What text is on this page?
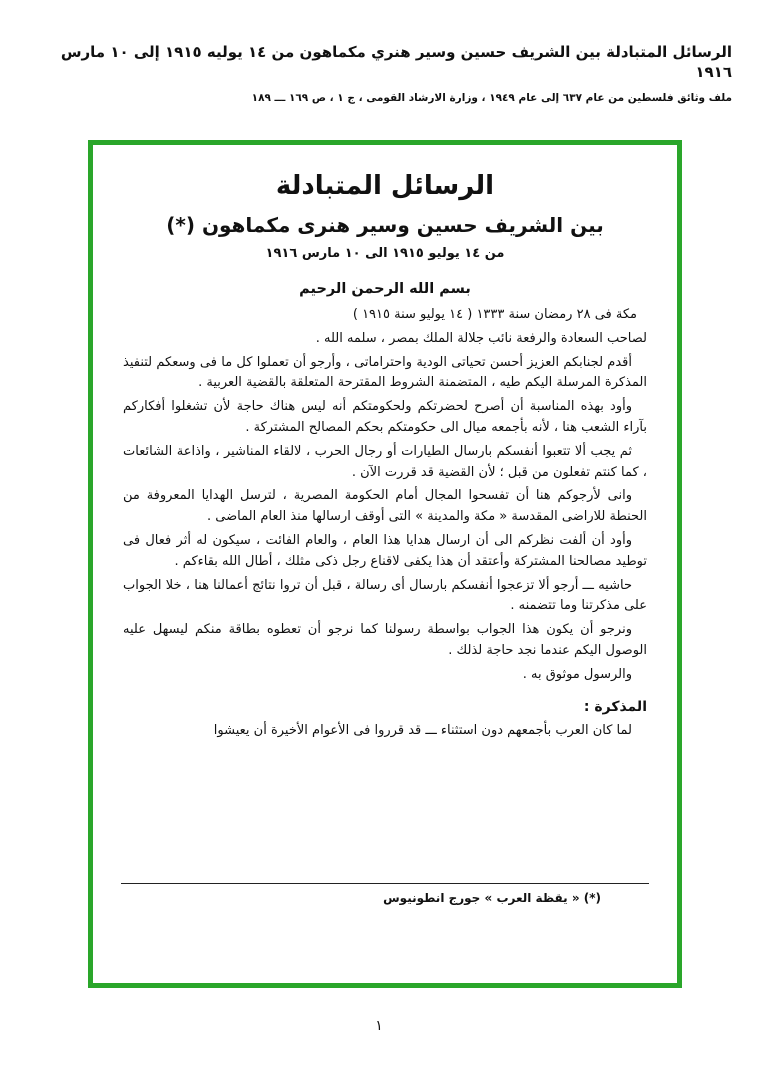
الرسائل المتبادلة بين الشريف حسين وسير هنري مكماهون من ١٤ يوليه ١٩١٥ إلى ١٠ مارس ١٩١٦
ملف وثائق فلسطين من عام ٦٣٧ إلى عام ١٩٤٩ ، وزارة الارشاد القومى ، ج ١ ، ص ١٦٩ ـــ ١٨٩
الرسائل المتبادلة
بين الشريف حسين وسير هنرى مكماهون (*)
من ١٤ يوليو ١٩١٥ الى ١٠ مارس ١٩١٦
بسم الله الرحمن الرحيم

مكة فى ٢٨ رمضان سنة ١٣٣٣ ( ١٤ يوليو سنة ١٩١٥ )

لصاحب السعادة والرفعة نائب جلالة الملك بمصر ، سلمه الله .

أقدم لجنابكم العزيز أحسن تحياتى الودية واحتراماتى ، وأرجو أن تعملوا كل ما فى وسعكم لتنفيذ المذكرة المرسلة اليكم طيه ، المتضمنة الشروط المقترحة المتعلقة بالقضية العربية .

وأود بهذه المناسبة أن أصرح لحضرتكم ولحكومتكم أنه ليس هناك حاجة لأن تشغلوا أفكاركم بآراء الشعب هنا ، لأنه بأجمعه ميال الى حكومتكم بحكم المصالح المشتركة .

ثم يجب ألا تتعبوا أنفسكم بارسال الطيارات أو رجال الحرب ، لالقاء المناشير ، واذاعة الشائعات ، كما كنتم تفعلون من قبل ؛ لأن القضية قد قررت الآن .

وانى لأرجوكم هنا أن تفسحوا المجال أمام الحكومة المصرية ، لترسل الهدايا المعروفة من الحنطة للاراضى المقدسة « مكة والمدينة » التى أوقف ارسالها منذ العام الماضى .

وأود أن ألفت نظركم الى أن ارسال هدايا هذا العام ، والعام الفائت ، سيكون له أثر فعال فى توطيد مصالحنا المشتركة وأعتقد أن هذا يكفى لاقناع رجل ذكى مثلك ، أطال الله بقاءكم .

حاشيه ـــ أرجو ألا تزعجوا أنفسكم بارسال أى رسالة ، قبل أن تروا نتائج أعمالنا هنا ، خلا الجواب على مذكرتنا وما تتضمنه .

ونرجو أن يكون هذا الجواب بواسطة رسولنا كما نرجو أن تعطوه بطاقة منكم ليسهل عليه الوصول اليكم عندما نجد حاجة لذلك .

والرسول موثوق به .

المذكرة :

لما كان العرب بأجمعهم دون استثناء ـــ قد قرروا فى الأعوام الأخيرة أن يعيشوا

(*) « يقظة العرب » جورج انطونيوس
١
